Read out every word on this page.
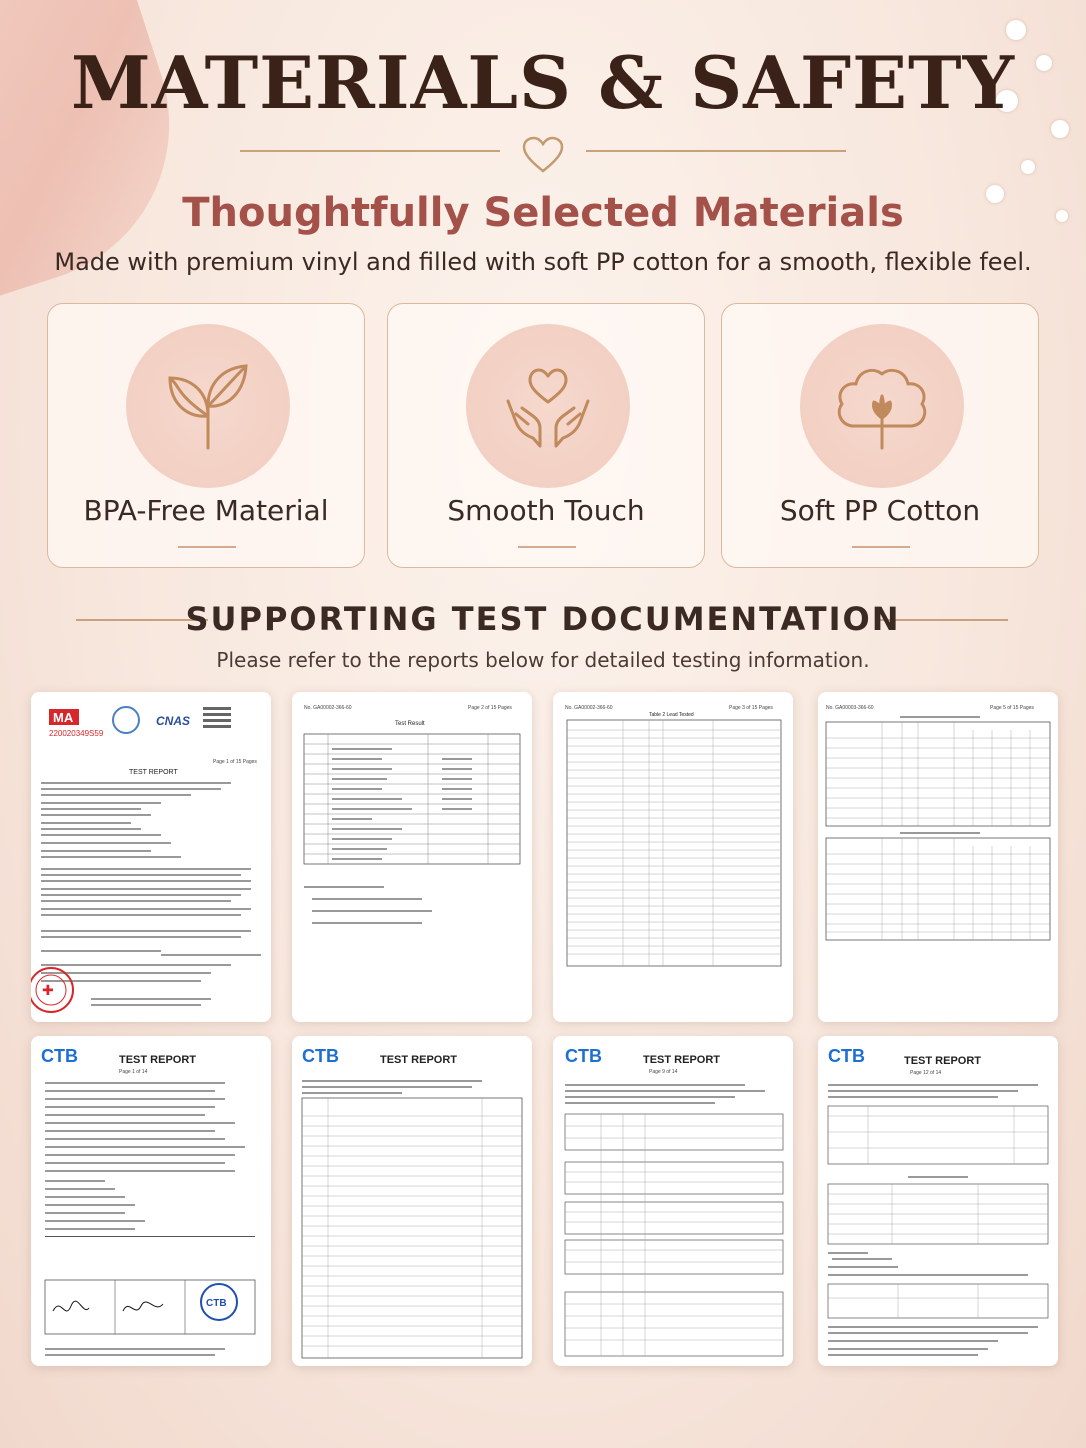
MATERIALS & SAFETY
Thoughtfully Selected Materials

Made with premium vinyl and filled with soft PP cotton for a smooth, flexible feel.

BPA-Free Material	Smooth Touch	Soft PP Cotton
SUPPORTING TEST DOCUMENTATION

Please refer to the reports below for detailed testing information.

MA
220020349S59
CNAS
Page 1 of 15 Pages
TEST REPORT
✚
No. GA00002-366-60	Page 2 of 15 Pages
Test Result
No. GA00002-366-60	Page 3 of 15 Pages
Table 2 Lead Tested
No. GA00003-366-60	Page 5 of 15 Pages
CTB	TEST REPORT
Page 1 of 14
CTB
CTB	TEST REPORT	CTB	TEST REPORT
Page 9 of 14
CTB	TEST REPORT
Page 12 of 14
